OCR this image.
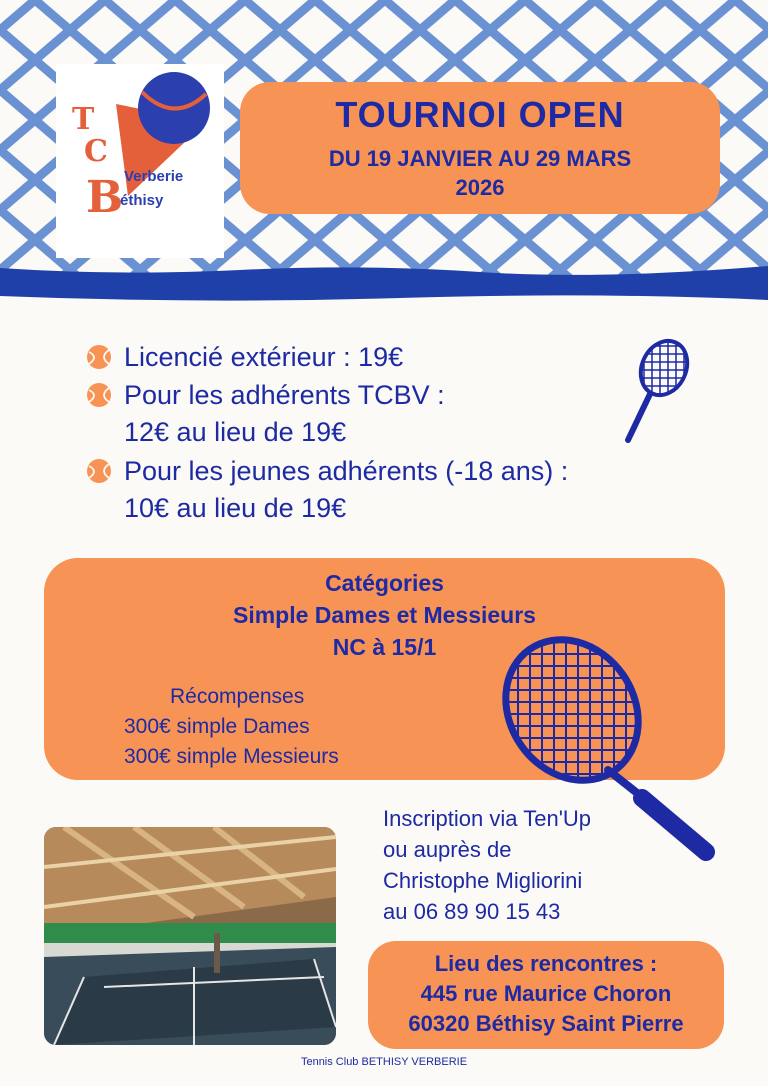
T
C
B Verberie
éthisy
TOURNOI OPEN
DU 19 JANVIER AU 29 MARS
2026
Licencié extérieur : 19€
Pour les adhérents TCBV :
12€ au lieu de 19€
Pour les jeunes adhérents (-18 ans) :
10€ au lieu de 19€
Catégories
Simple Dames et Messieurs
NC à 15/1
Récompenses
300€ simple Dames
300€ simple Messieurs
Inscription via Ten'Up
ou auprès de
Christophe Migliorini
au 06 89 90 15 43
Lieu des rencontres :
445 rue Maurice Choron
60320 Béthisy Saint Pierre
Tennis Club BETHISY VERBERIE
